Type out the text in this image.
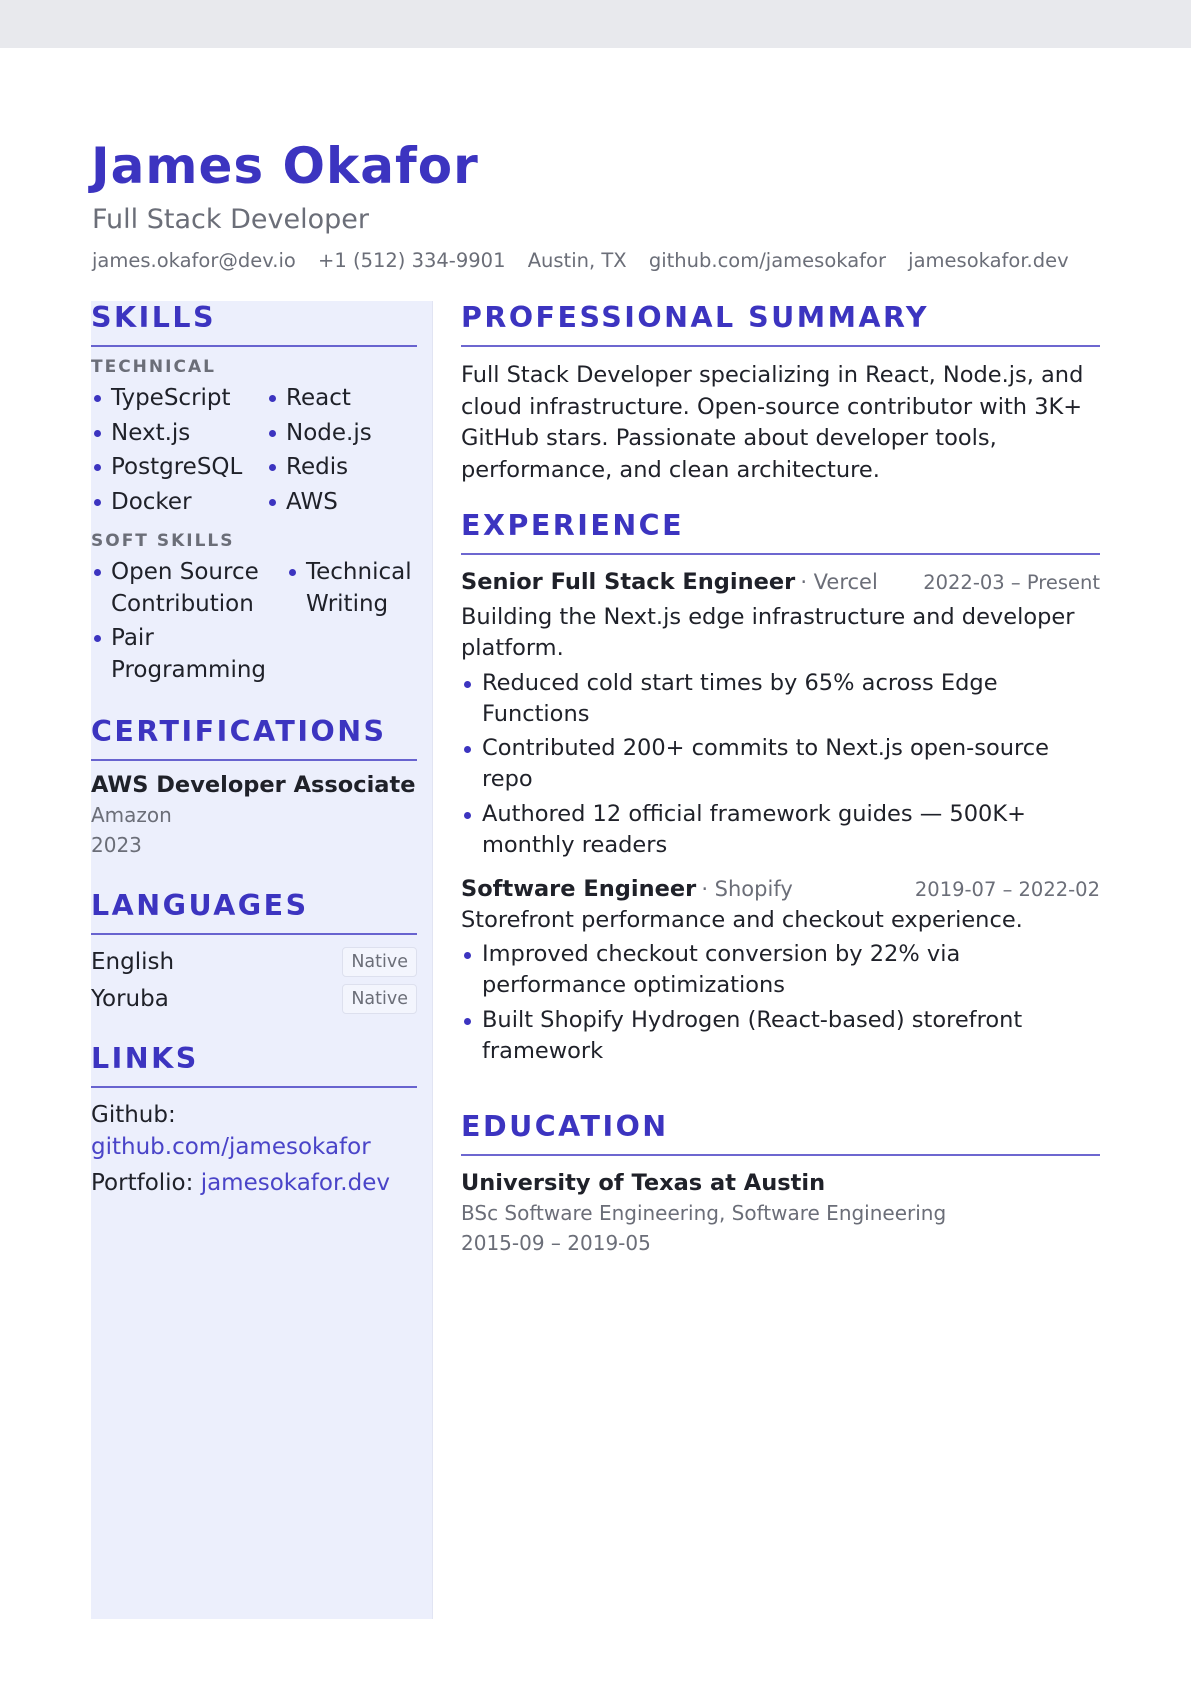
James Okafor
Full Stack Developer
james.okafor@dev.io +1 (512) 334-9901 Austin, TX github.com/jamesokafor jamesokafor.dev
SKILLS
TECHNICAL
TypeScript	React
Next.js	Node.js
PostgreSQL	Redis
Docker	AWS
SOFT SKILLS
Open Source Contribution
Technical Writing
Pair Programming
CERTIFICATIONS
AWS Developer Associate
Amazon
2023
LANGUAGES
English	Native
Yoruba	Native
LINKS
Github:
github.com/jamesokafor
Portfolio: jamesokafor.dev
PROFESSIONAL SUMMARY
Full Stack Developer specializing in React, Node.js, and cloud infrastructure. Open-source contributor with 3K+ GitHub stars. Passionate about developer tools, performance, and clean architecture.
EXPERIENCE
Senior Full Stack Engineer · Vercel 2022-03 – Present
Building the Next.js edge infrastructure and developer platform.
Reduced cold start times by 65% across Edge Functions
Contributed 200+ commits to Next.js open-source repo
Authored 12 official framework guides — 500K+ monthly readers
Software Engineer · Shopify	2019-07 – 2022-02
Storefront performance and checkout experience.
Improved checkout conversion by 22% via performance optimizations
Built Shopify Hydrogen (React-based) storefront framework
EDUCATION
University of Texas at Austin
BSc Software Engineering, Software Engineering
2015-09 – 2019-05
